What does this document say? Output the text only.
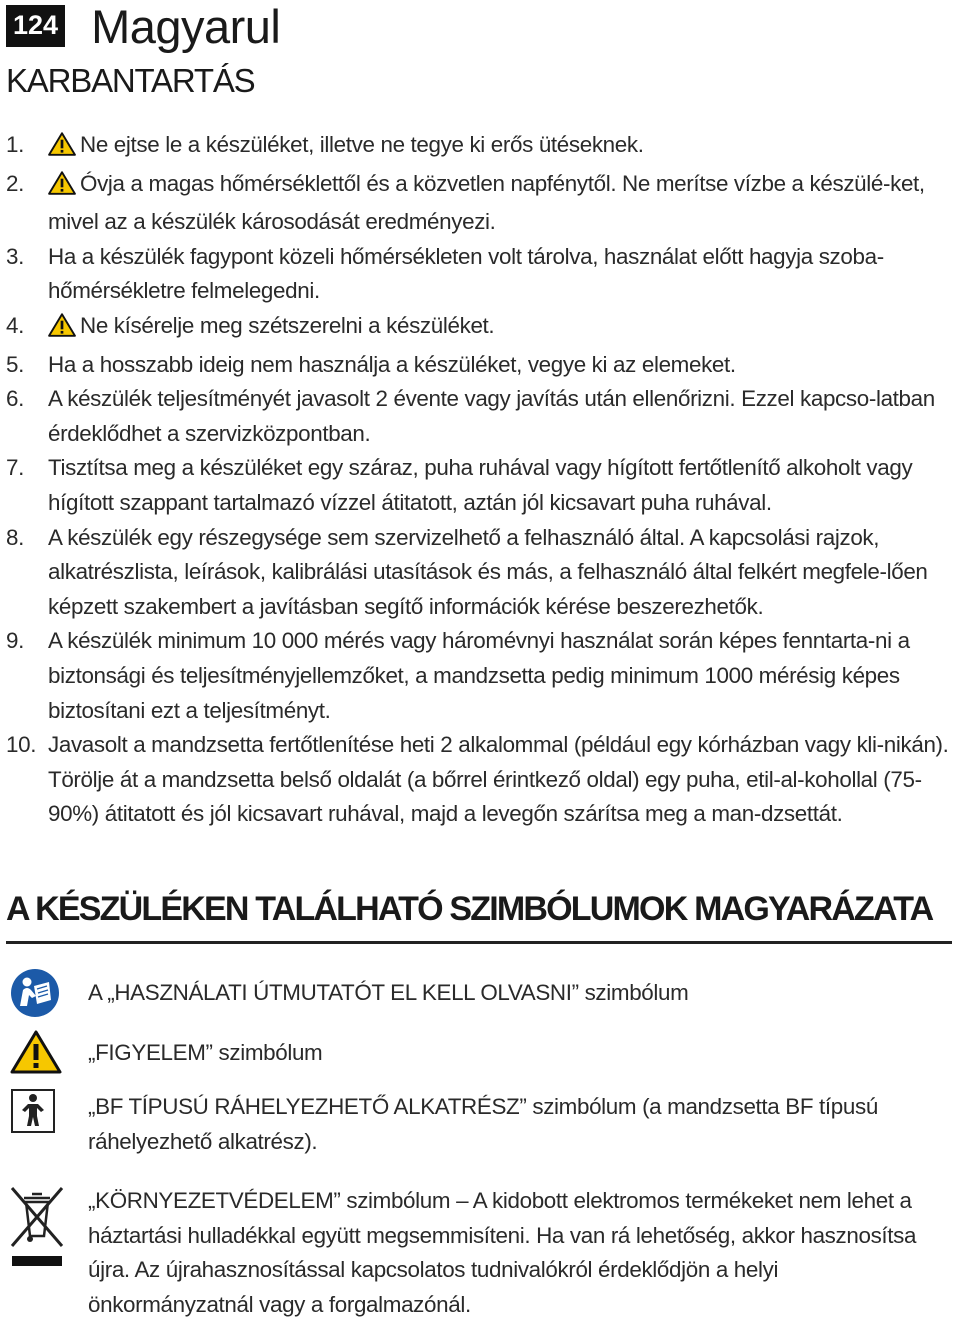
124 Magyarul
KARBANTARTÁS
1.	Ne ejtse le a készüléket, illetve ne tegye ki erős ütéseknek.
2.	Óvja a magas hőmérséklettől és a közvetlen napfénytől. Ne merítse vízbe a készülé-ket, mivel az a készülék károsodását eredményezi.
3. Ha a készülék fagypont közeli hőmérsékleten volt tárolva, használat előtt hagyja szoba-hőmérsékletre felmelegedni.
4.	Ne kísérelje meg szétszerelni a készüléket.
5. Ha a hosszabb ideig nem használja a készüléket, vegye ki az elemeket.
6. A készülék teljesítményét javasolt 2 évente vagy javítás után ellenőrizni. Ezzel kapcso-latban érdeklődhet a szervizközpontban.
7. Tisztítsa meg a készüléket egy száraz, puha ruhával vagy hígított fertőtlenítő alkoholt vagy hígított szappant tartalmazó vízzel átitatott, aztán jól kicsavart puha ruhával.
8. A készülék egy részegysége sem szervizelhető a felhasználó által. A kapcsolási rajzok, alkatrészlista, leírások, kalibrálási utasítások és más, a felhasználó által felkért megfele-lően képzett szakembert a javításban segítő információk kérése beszerezhetők.
9. A készülék minimum 10 000 mérés vagy háromévnyi használat során képes fenntarta-ni a biztonsági és teljesítményjellemzőket, a mandzsetta pedig minimum 1000 mérésig képes biztosítani ezt a teljesítményt.
10. Javasolt a mandzsetta fertőtlenítése heti 2 alkalommal (például egy kórházban vagy kli-nikán). Törölje át a mandzsetta belső oldalát (a bőrrel érintkező oldal) egy puha, etil-al-kohollal (75-90%) átitatott és jól kicsavart ruhával, majd a levegőn szárítsa meg a man-dzsettát.
A KÉSZÜLÉKEN TALÁLHATÓ SZIMBÓLUMOK MAGYARÁZATA
A „HASZNÁLATI ÚTMUTATÓT EL KELL OLVASNI” szimbólum
„FIGYELEM” szimbólum
„BF TÍPUSÚ RÁHELYEZHETŐ ALKATRÉSZ” szimbólum (a mandzsetta BF típusú ráhelyezhető alkatrész).
„KÖRNYEZETVÉDELEM” szimbólum – A kidobott elektromos termékeket nem lehet a háztartási hulladékkal együtt megsemmisíteni. Ha van rá lehetőség, akkor hasznosítsa újra. Az újrahasznosítással kapcsolatos tudnivalókról érdeklődjön a helyi önkormányzatnál vagy a forgalmazónál.
